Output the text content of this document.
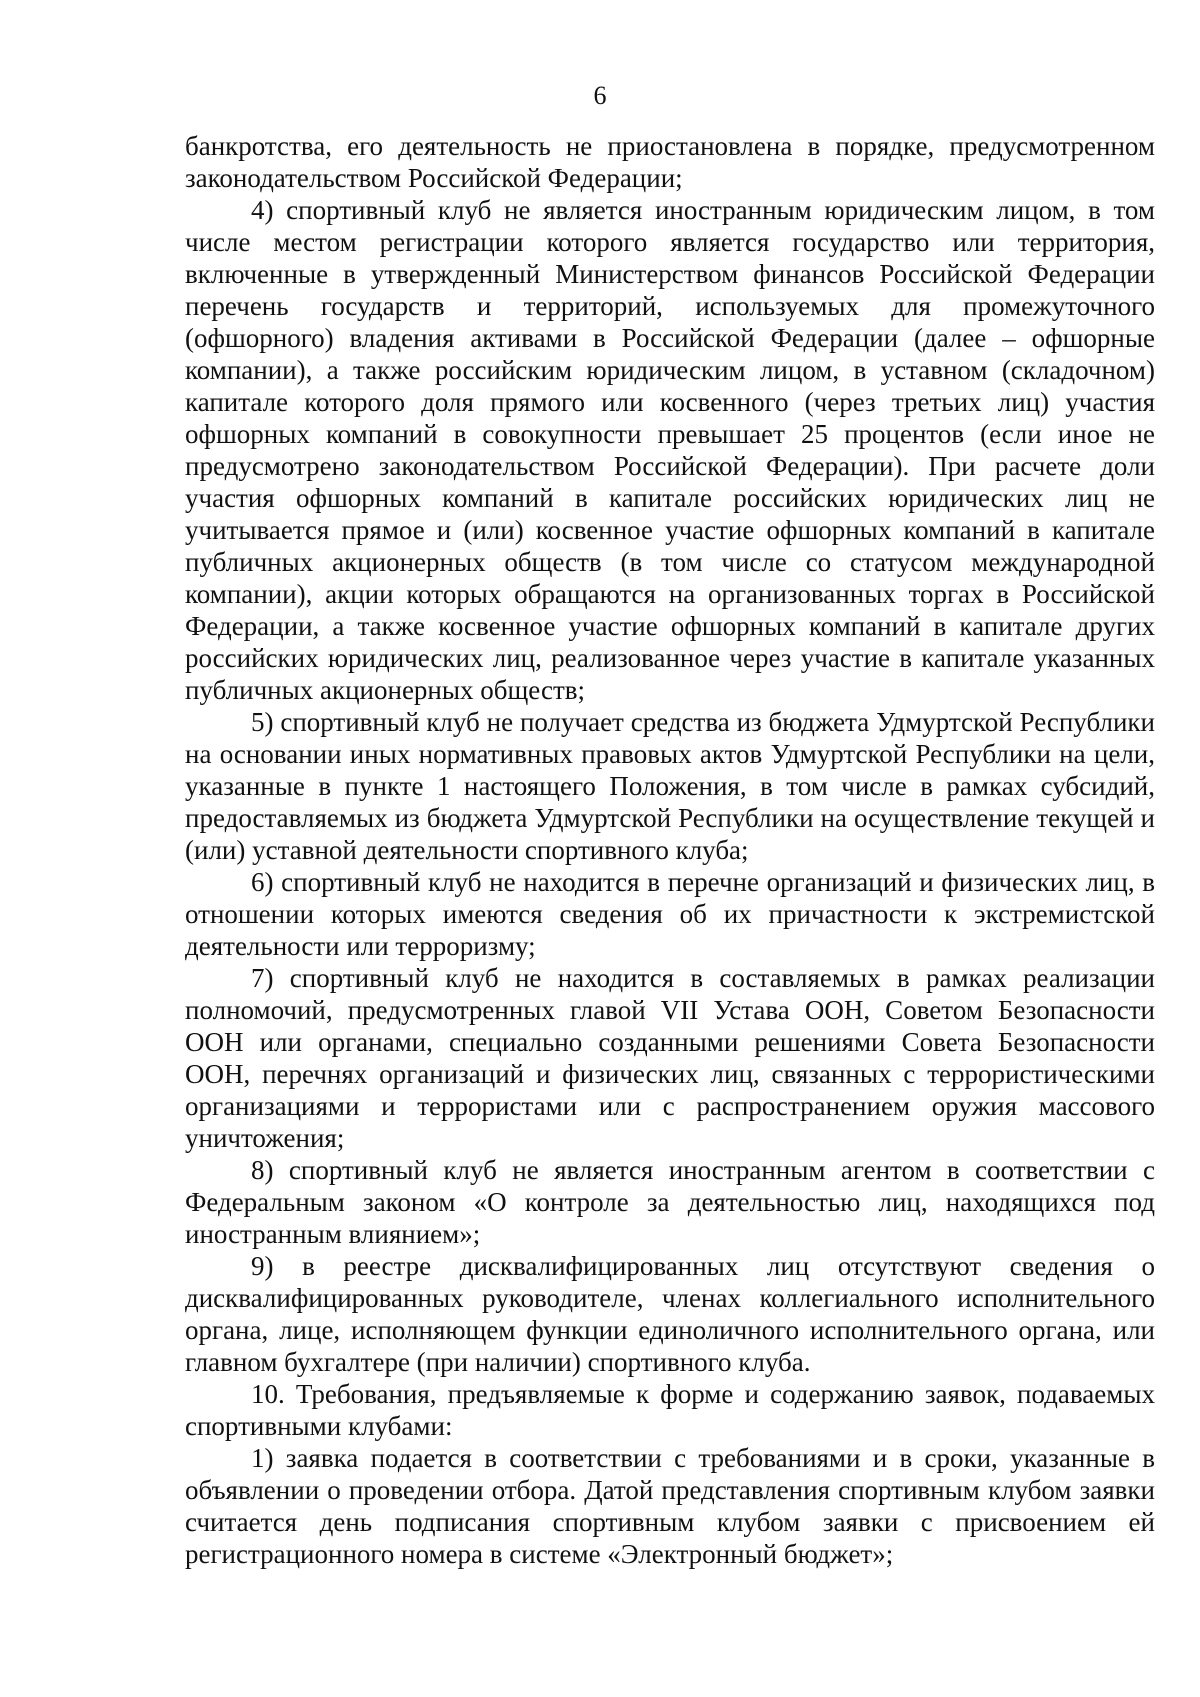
6

банкротства, его деятельность не приостановлена в порядке, предусмотренном законодательством Российской Федерации;

4) спортивный клуб не является иностранным юридическим лицом, в том числе местом регистрации которого является государство или территория, включенные в утвержденный Министерством финансов Российской Федерации перечень государств и территорий, используемых для промежуточного (офшорного) владения активами в Российской Федерации (далее – офшорные компании), а также российским юридическим лицом, в уставном (складочном) капитале которого доля прямого или косвенного (через третьих лиц) участия офшорных компаний в совокупности превышает 25 процентов (если иное не предусмотрено законодательством Российской Федерации). При расчете доли участия офшорных компаний в капитале российских юридических лиц не учитывается прямое и (или) косвенное участие офшорных компаний в капитале публичных акционерных обществ (в том числе со статусом международной компании), акции которых обращаются на организованных торгах в Российской Федерации, а также косвенное участие офшорных компаний в капитале других российских юридических лиц, реализованное через участие в капитале указанных публичных акционерных обществ;

5) спортивный клуб не получает средства из бюджета Удмуртской Республики на основании иных нормативных правовых актов Удмуртской Республики на цели, указанные в пункте 1 настоящего Положения, в том числе в рамках субсидий, предоставляемых из бюджета Удмуртской Республики на осуществление текущей и (или) уставной деятельности спортивного клуба;

6) спортивный клуб не находится в перечне организаций и физических лиц, в отношении которых имеются сведения об их причастности к экстремистской деятельности или терроризму;

7) спортивный клуб не находится в составляемых в рамках реализации полномочий, предусмотренных главой VII Устава ООН, Советом Безопасности ООН или органами, специально созданными решениями Совета Безопасности ООН, перечнях организаций и физических лиц, связанных с террористическими организациями и террористами или с распространением оружия массового уничтожения;

8) спортивный клуб не является иностранным агентом в соответствии с Федеральным законом «О контроле за деятельностью лиц, находящихся под иностранным влиянием»;

9) в реестре дисквалифицированных лиц отсутствуют сведения о дисквалифицированных руководителе, членах коллегиального исполнительного органа, лице, исполняющем функции единоличного исполнительного органа, или главном бухгалтере (при наличии) спортивного клуба.

10. Требования, предъявляемые к форме и содержанию заявок, подаваемых спортивными клубами:

1) заявка подается в соответствии с требованиями и в сроки, указанные в объявлении о проведении отбора. Датой представления спортивным клубом заявки считается день подписания спортивным клубом заявки с присвоением ей регистрационного номера в системе «Электронный бюджет»;
